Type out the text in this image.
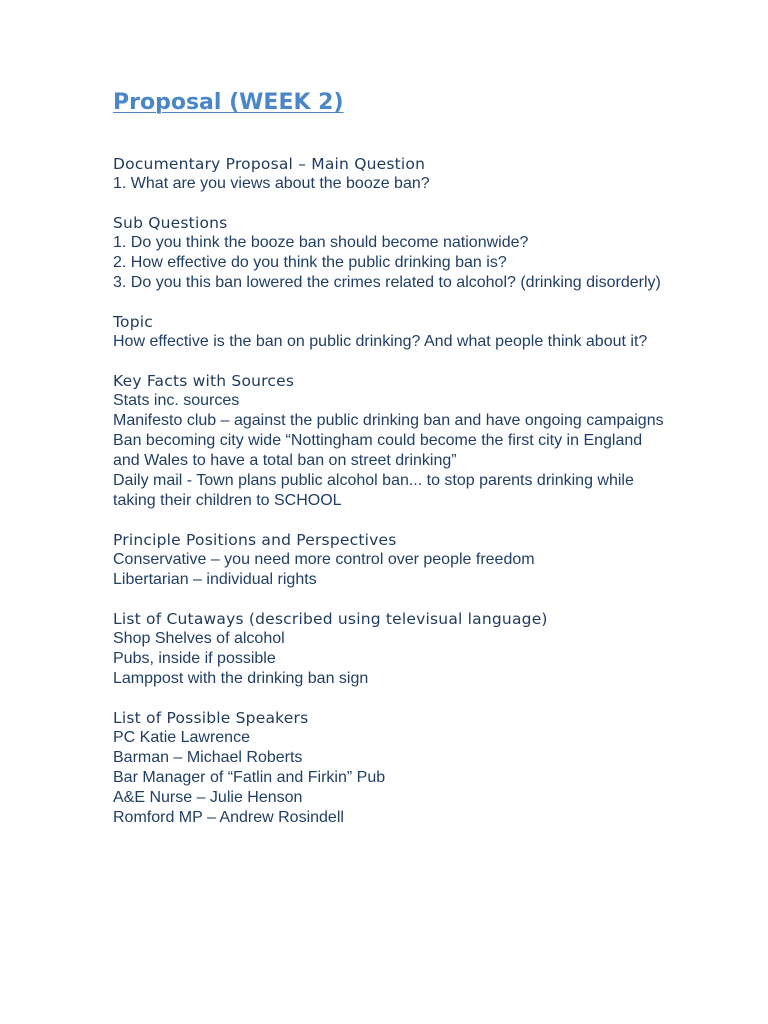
Proposal (WEEK 2)
Documentary Proposal – Main Question

1. What are you views about the booze ban?

Sub Questions

1. Do you think the booze ban should become nationwide?

2. How effective do you think the public drinking ban is?

3. Do you this ban lowered the crimes related to alcohol? (drinking disorderly)

Topic

How effective is the ban on public drinking? And what people think about it?

Key Facts with Sources

Stats inc. sources

Manifesto club – against the public drinking ban and have ongoing campaigns

Ban becoming city wide “Nottingham could become the first city in England and Wales to have a total ban on street drinking”

Daily mail - Town plans public alcohol ban... to stop parents drinking while taking their children to SCHOOL

Principle Positions and Perspectives

Conservative – you need more control over people freedom

Libertarian – individual rights

List of Cutaways (described using televisual language)

Shop Shelves of alcohol

Pubs, inside if possible

Lamppost with the drinking ban sign

List of Possible Speakers

PC Katie Lawrence

Barman – Michael Roberts

Bar Manager of “Fatlin and Firkin” Pub

A&E Nurse – Julie Henson

Romford MP – Andrew Rosindell
